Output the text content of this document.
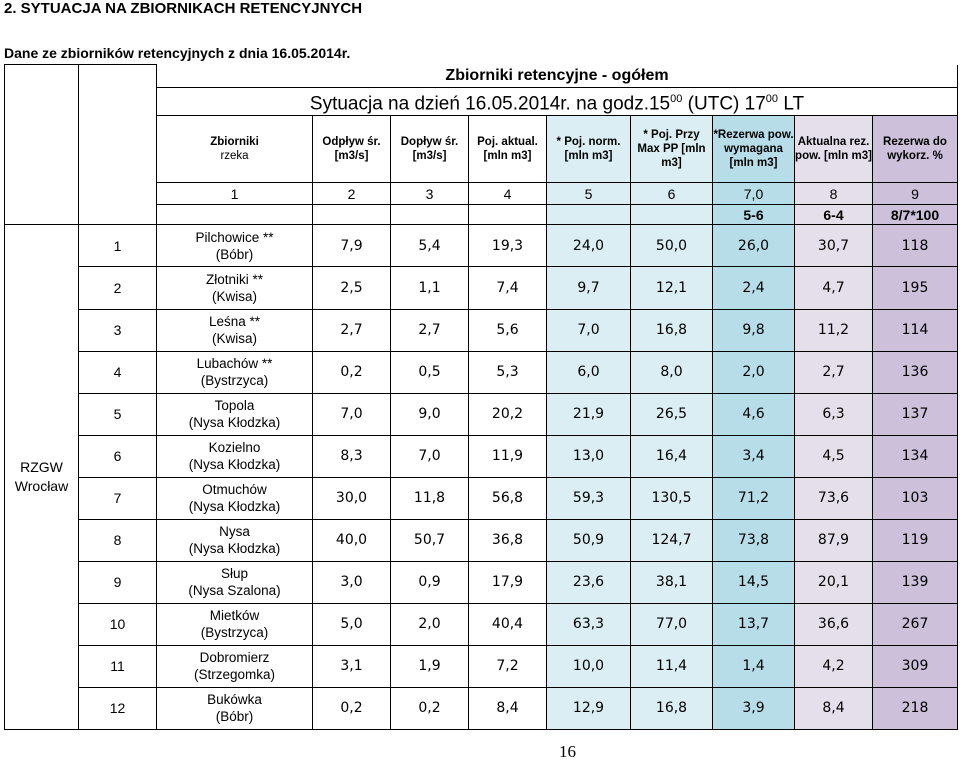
2. SYTUACJA NA ZBIORNIKACH RETENCYJNYCH
Dane ze zbiorników retencyjnych z dnia 16.05.2014r.
		Zbiorniki retencyjne - ogółem								
		Sytuacja na dzień 16.05.2014r. na $godz.15^{00}$ (UTC) $17^{00}$ LT								

		Zbiorniki
rzeka	Odpływ śr. [m3/s]	Dopływ śr. [m3/s]	Poj. aktual. [mln m3]	* Poj. norm. [mln m3]	* Poj. Przy Max PP [mln m3]	*Rezerwa pow. wymagana [mln m3]	Aktualna rez. pow. [mln m3]	Rezerwa do wykorz. %
		1	2	3	4	5	6	7,0	8	9
								5-6	6-4	8/7*100
RZGW Wrocław	1	Pilchowice **
(Bóbr)	7,9	5,4	19,3	24,0	50,0	26,0	30,7	118
	2	Złotniki **
(Kwisa)	2,5	1,1	7,4	9,7	12,1	2,4	4,7	195
	3	Leśna **
(Kwisa)	2,7	2,7	5,6	7,0	16,8	9,8	11,2	114
	4	Lubachów **
(Bystrzyca)	0,2	0,5	5,3	6,0	8,0	2,0	2,7	136
	5	Topola
(Nysa Kłodzka)	7,0	9,0	20,2	21,9	26,5	4,6	6,3	137
	6	Kozielno
(Nysa Kłodzka)	8,3	7,0	11,9	13,0	16,4	3,4	4,5	134
	7	Otmuchów
(Nysa Kłodzka)	30,0	11,8	56,8	59,3	130,5	71,2	73,6	103
	8	Nysa
(Nysa Kłodzka)	40,0	50,7	36,8	50,9	124,7	73,8	87,9	119
	9	Słup
(Nysa Szalona)	3,0	0,9	17,9	23,6	38,1	14,5	20,1	139
	10	Mietków
(Bystrzyca)	5,0	2,0	40,4	63,3	77,0	13,7	36,6	267
	11	Dobromierz
(Strzegomka)	3,1	1,9	7,2	10,0	11,4	1,4	4,2	309
	12	Bukówka
(Bóbr)	0,2	0,2	8,4	12,9	16,8	3,9	8,4	218
16
